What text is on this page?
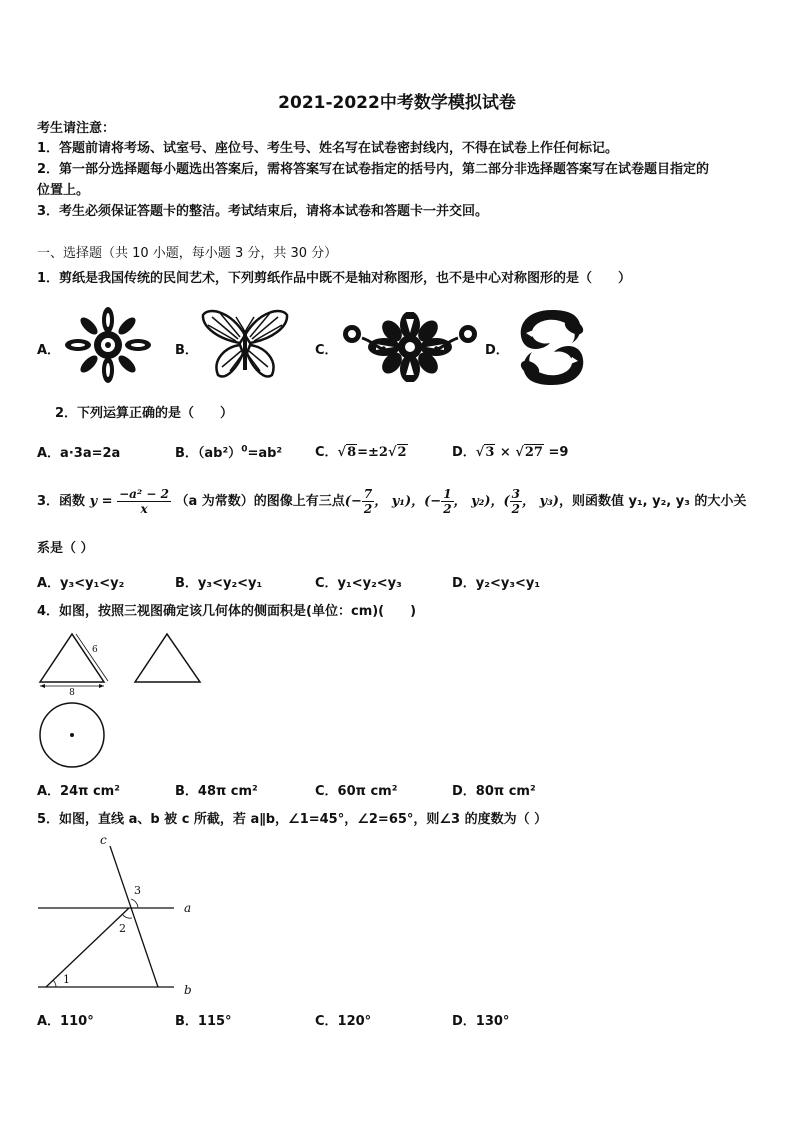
2021-2022中考数学模拟试卷
考生请注意：
1．答题前请将考场、试室号、座位号、考生号、姓名写在试卷密封线内，不得在试卷上作任何标记。
2．第一部分选择题每小题选出答案后，需将答案写在试卷指定的括号内，第二部分非选择题答案写在试卷题目指定的
位置上。
3．考生必须保证答题卡的整洁。考试结束后，请将本试卷和答题卡一并交回。
一、选择题（共 10 小题，每小题 3 分，共 30 分）
1．剪纸是我国传统的民间艺术，下列剪纸作品中既不是轴对称图形，也不是中心对称图形的是（　　）
A．	B．	C．	D．
2．下列运算正确的是（　　）
A．a·3a=2a	B．$(ab^2)^0=ab^2$	C．√8=±2√2	D．√3 × √27 =9
3．函数 $y = \frac{\text{−a² − 2}}{x} (a$ 为常数）的图像上有三点(− $\frac{7}{2}$ ， y₁)，(− $\frac{1}{2}$ ， y₂)，( $\frac{3}{2}$ ， y₃)，则函数值 y₁, y₂, y₃ 的大小关
系是（ ）
A．y₃<y₁<y₂	B．y₃<y₂<y₁	C．y₁<y₂<y₃	D．y₂<y₃<y₁
4．如图，按照三视图确定该几何体的侧面积是(单位：cm)(　　)
6
8
A．24π cm²	B．48π cm²	C．60π cm²	D．80π cm²
5．如图，直线 a、b 被 c 所截，若 a∥b，∠1=45°，∠2=65°，则∠3 的度数为（ ）
c
a
b
1
2
3
A．110°	B．115°	C．120°	D．130°
